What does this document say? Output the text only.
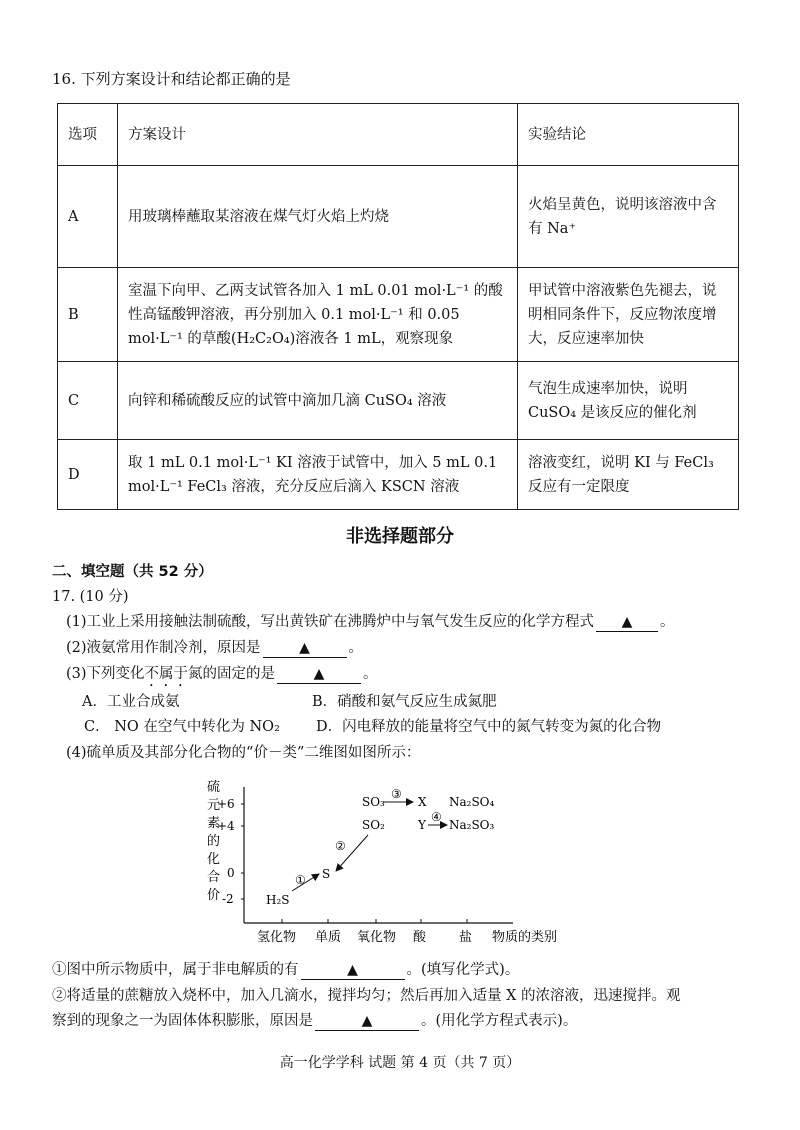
16. 下列方案设计和结论都正确的是
选项	方案设计	实验结论
A	用玻璃棒蘸取某溶液在煤气灯火焰上灼烧	火焰呈黄色，说明该溶液中含有 Na⁺
B	室温下向甲、乙两支试管各加入 1 mL 0.01 mol·L⁻¹ 的酸性高锰酸钾溶液，再分别加入 0.1 mol·L⁻¹ 和 0.05 mol·L⁻¹ 的草酸(H₂C₂O₄)溶液各 1 mL，观察现象	甲试管中溶液紫色先褪去，说明相同条件下，反应物浓度增大，反应速率加快
C	向锌和稀硫酸反应的试管中滴加几滴 CuSO₄ 溶液	气泡生成速率加快，说明 CuSO₄ 是该反应的催化剂
D	取 1 mL 0.1 mol·L⁻¹ KI 溶液于试管中，加入 5 mL 0.1 mol·L⁻¹ FeCl₃ 溶液，充分反应后滴入 KSCN 溶液	溶液变红，说明 KI 与 FeCl₃ 反应有一定限度
非选择题部分
二、填空题（共 52 分）
17. (10 分)
(1)工业上采用接触法制硫酸，写出黄铁矿在沸腾炉中与氧气发生反应的化学方程式 ▲ 。
(2)液氨常用作制冷剂，原因是	▲	。
(3)下列变化不属于氮的固定的是	▲	。
A．工业合成氨	B．硝酸和氨气反应生成氮肥
C． NO 在空气中转化为 NO₂ D．闪电释放的能量将空气中的氮气转变为氮的化合物
(4)硫单质及其部分化合物的“价－类”二维图如图所示：
硫
元
素
的
化
合
价
+6
+4
0
-2
氢化物 单质 氧化物 酸	盐 物质的类别
H₂S
S
SO₂
SO₃	X Na₂SO₄
Y Na₂SO₃
①
②
③
④
①图中所示物质中，属于非电解质的有	▲	。(填写化学式)。
②将适量的蔗糖放入烧杯中，加入几滴水，搅拌均匀；然后再加入适量 X 的浓溶液，迅速搅拌。观
察到的现象之一为固体体积膨胀，原因是	▲	。(用化学方程式表示)。
高一化学学科 试题 第 4 页（共 7 页）
